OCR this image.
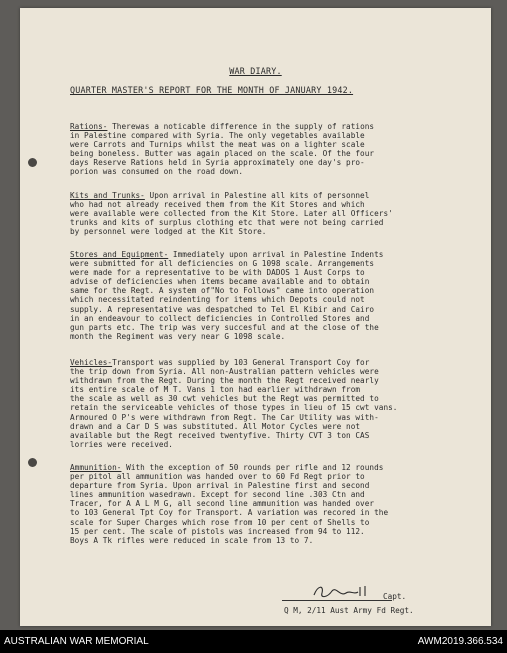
WAR DIARY.
QUARTER MASTER'S REPORT FOR THE MONTH OF JANUARY 1942.
Rations- Therewas a noticable difference in the supply of rations
in Palestine compared with Syria. The only vegetables available
were Carrots and Turnips whilst the meat was on a lighter scale
being boneless. Butter was again placed on the scale. Of the four
days Reserve Rations held in Syria approximately one day's pro-
porion was consumed on the road down.
Kits and Trunks- Upon arrival in Palestine all kits of personnel
who had not already received them from the Kit Stores and which
were available were collected from the Kit Store. Later all Officers'
trunks and kits of surplus clothing etc that were not being carried
by personnel were lodged at the Kit Store.
Stores and Equipment- Immediately upon arrival in Palestine Indents
were submitted for all deficiencies on G 1098 scale. Arrangements
were made for a representative to be with DADOS 1 Aust Corps to
advise of deficiencies when items became available and to obtain
same for the Regt. A system of"No to Follows" came into operation
which necessitated reindenting for items which Depots could not
supply. A representative was despatched to Tel El Kibir and Cairo
in an endeavour to collect deficiencies in Controlled Stores and
gun parts etc. The trip was very succesful and at the close of the
month the Regiment was very near G 1098 scale.
Vehicles-Transport was supplied by 103 General Transport Coy for
the trip down from Syria. All non-Australian pattern vehicles were
withdrawn from the Regt. During the month the Regt received nearly
its entire scale of M T. Vans 1 ton had earlier withdrawn from
the scale as well as 30 cwt vehicles but the Regt was permitted to
retain the serviceable vehicles of those types in lieu of 15 cwt vans.
Armoured O P's were withdrawn from Regt. The Car Utility was with-
drawn and a Car D S was substituted. All Motor Cycles were not
available but the Regt received twentyfive. Thirty CVT 3 ton CAS
lorries were received.
Ammunition- With the exception of 50 rounds per rifle and 12 rounds
per pitol all ammunition was handed over to 60 Fd Regt prior to
departure from Syria. Upon arrival in Palestine first and second
lines ammunition wasedrawn. Except for second line .303 Ctn and
Tracer, for A A L M G, all second line ammunition was handed over
to 103 General Tpt Coy for Transport. A variation was recored in the
scale for Super Charges which rose from 10 per cent of Shells to
15 per cent. The scale of pistols was increased from 94 to 112.
Boys A Tk rifles were reduced in scale from 13 to 7.
Capt.
Q M, 2/11 Aust Army Fd Regt.
AUSTRALIAN WAR MEMORIAL	AWM2019.366.534
